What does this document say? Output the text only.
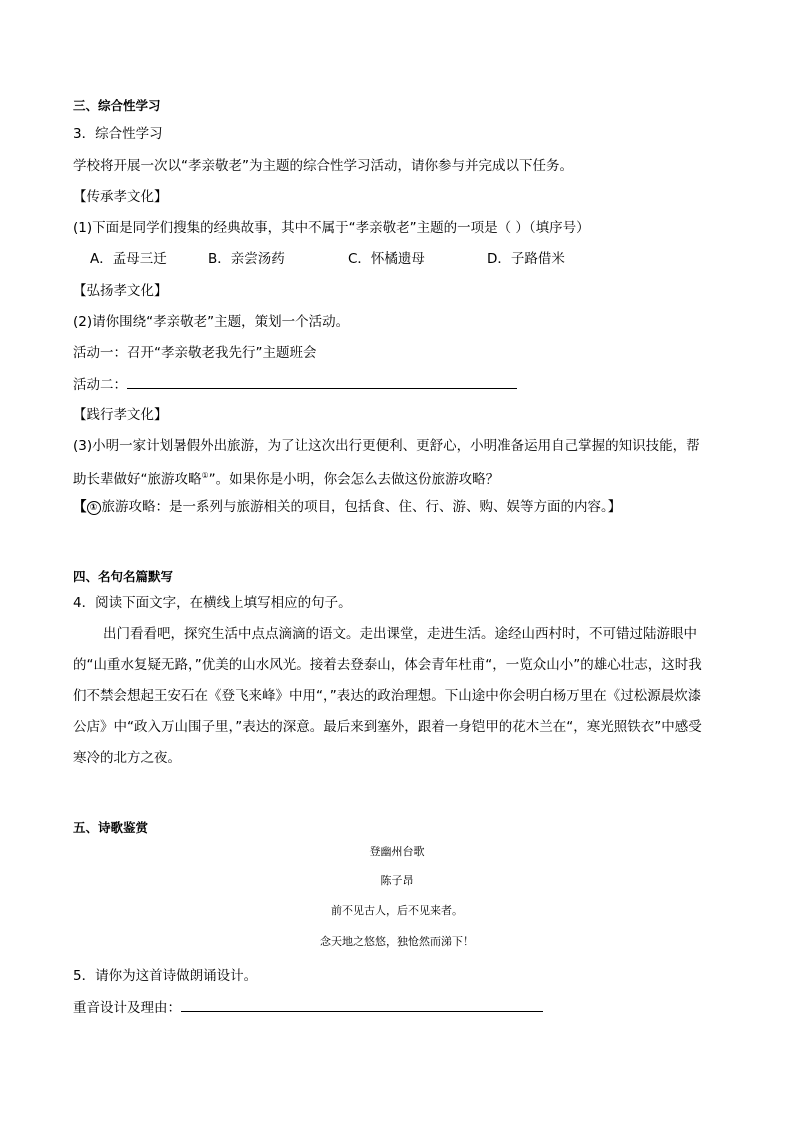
三、综合性学习
3．综合性学习
学校将开展一次以“孝亲敬老”为主题的综合性学习活动，请你参与并完成以下任务。
【传承孝文化】
(1)下面是同学们搜集的经典故事，其中不属于“孝亲敬老”主题的一项是（ ）（填序号）
A．孟母三迁	B．亲尝汤药	C．怀橘遗母	D．子路借米
【弘扬孝文化】
(2)请你围绕“孝亲敬老”主题，策划一个活动。
活动一：召开“孝亲敬老我先行”主题班会
活动二：
【践行孝文化】
(3)小明一家计划暑假外出旅游，为了让这次出行更便利、更舒心，小明准备运用自己掌握的知识技能，帮
助长辈做好“旅游攻略①”。如果你是小明，你会怎么去做这份旅游攻略？
【 ① 旅游攻略：是一系列与旅游相关的项目，包括食、住、行、游、购、娱等方面的内容。】
四、名句名篇默写
4．阅读下面文字，在横线上填写相应的句子。
出门看看吧，探究生活中点点滴滴的语文。走出课堂，走进生活。途经山西村时，不可错过陆游眼中
的“山重水复疑无路，”优美的山水风光。接着去登泰山，体会青年杜甫“，一览众山小”的雄心壮志，这时我
们不禁会想起王安石在《登飞来峰》中用“，”表达的政治理想。下山途中你会明白杨万里在《过松源晨炊漆
公店》中“政入万山围子里，”表达的深意。最后来到塞外，跟着一身铠甲的花木兰在“，寒光照铁衣”中感受
寒冷的北方之夜。
五、诗歌鉴赏
登幽州台歌
陈子昂
前不见古人，后不见来者。
念天地之悠悠，独怆然而涕下！
5．请你为这首诗做朗诵设计。
重音设计及理由：
